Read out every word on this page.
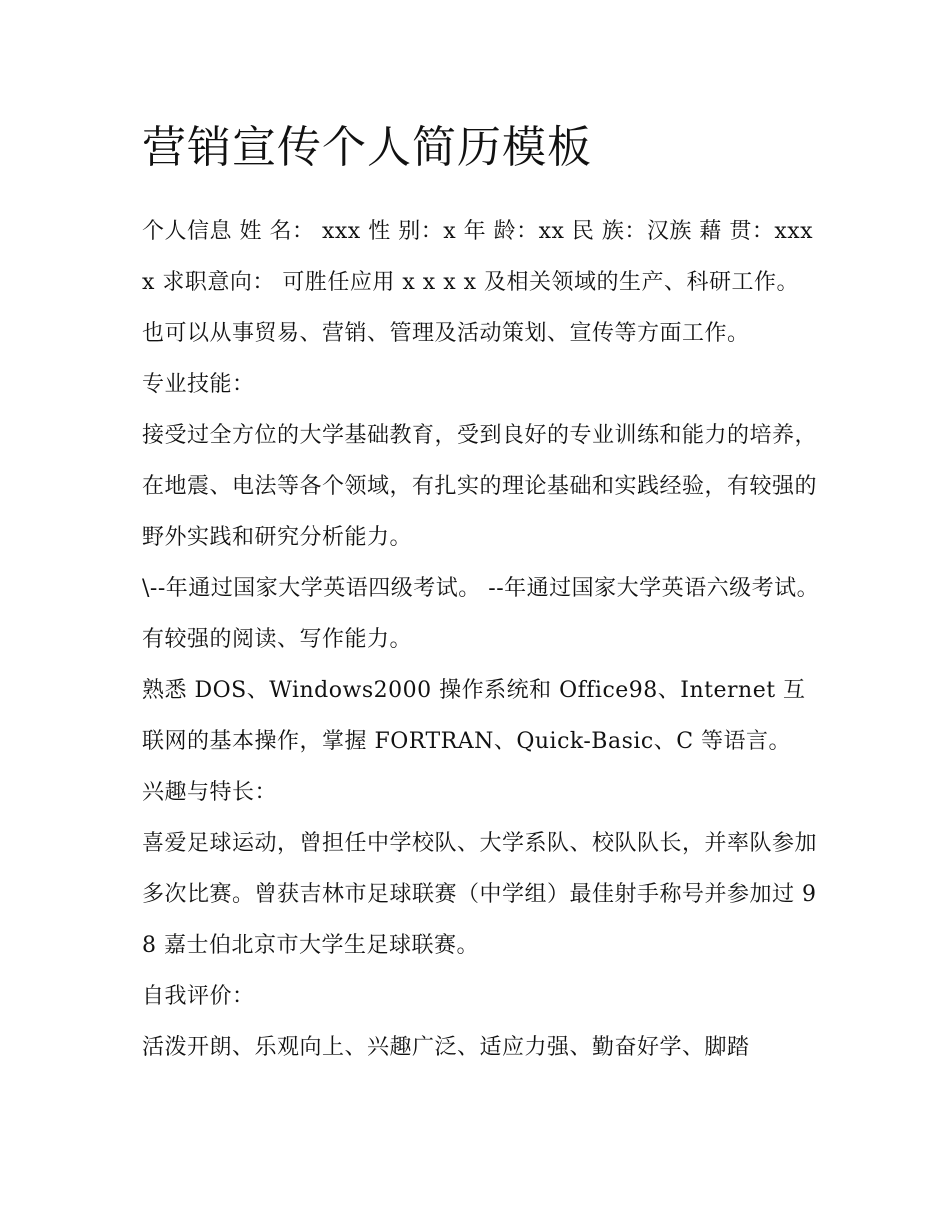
营销宣传个人简历模板

个人信息 姓 名： xxx 性 别：x 年 龄：xx 民 族：汉族 藉 贯：xxxx 求职意向： 可胜任应用 x x x x 及相关领域的生产、科研工作。

也可以从事贸易、营销、管理及活动策划、宣传等方面工作。

专业技能：

接受过全方位的大学基础教育，受到良好的专业训练和能力的培养，在地震、电法等各个领域，有扎实的理论基础和实践经验，有较强的野外实践和研究分析能力。

\--年通过国家大学英语四级考试。 --年通过国家大学英语六级考试。 有较强的阅读、写作能力。

熟悉 DOS、Windows2000 操作系统和 Office98、Internet 互联网的基本操作，掌握 FORTRAN、Quick-Basic、C 等语言。

兴趣与特长：

喜爱足球运动，曾担任中学校队、大学系队、校队队长，并率队参加多次比赛。曾获吉林市足球联赛（中学组）最佳射手称号并参加过 98 嘉士伯北京市大学生足球联赛。

自我评价：

活泼开朗、乐观向上、兴趣广泛、适应力强、勤奋好学、脚踏
